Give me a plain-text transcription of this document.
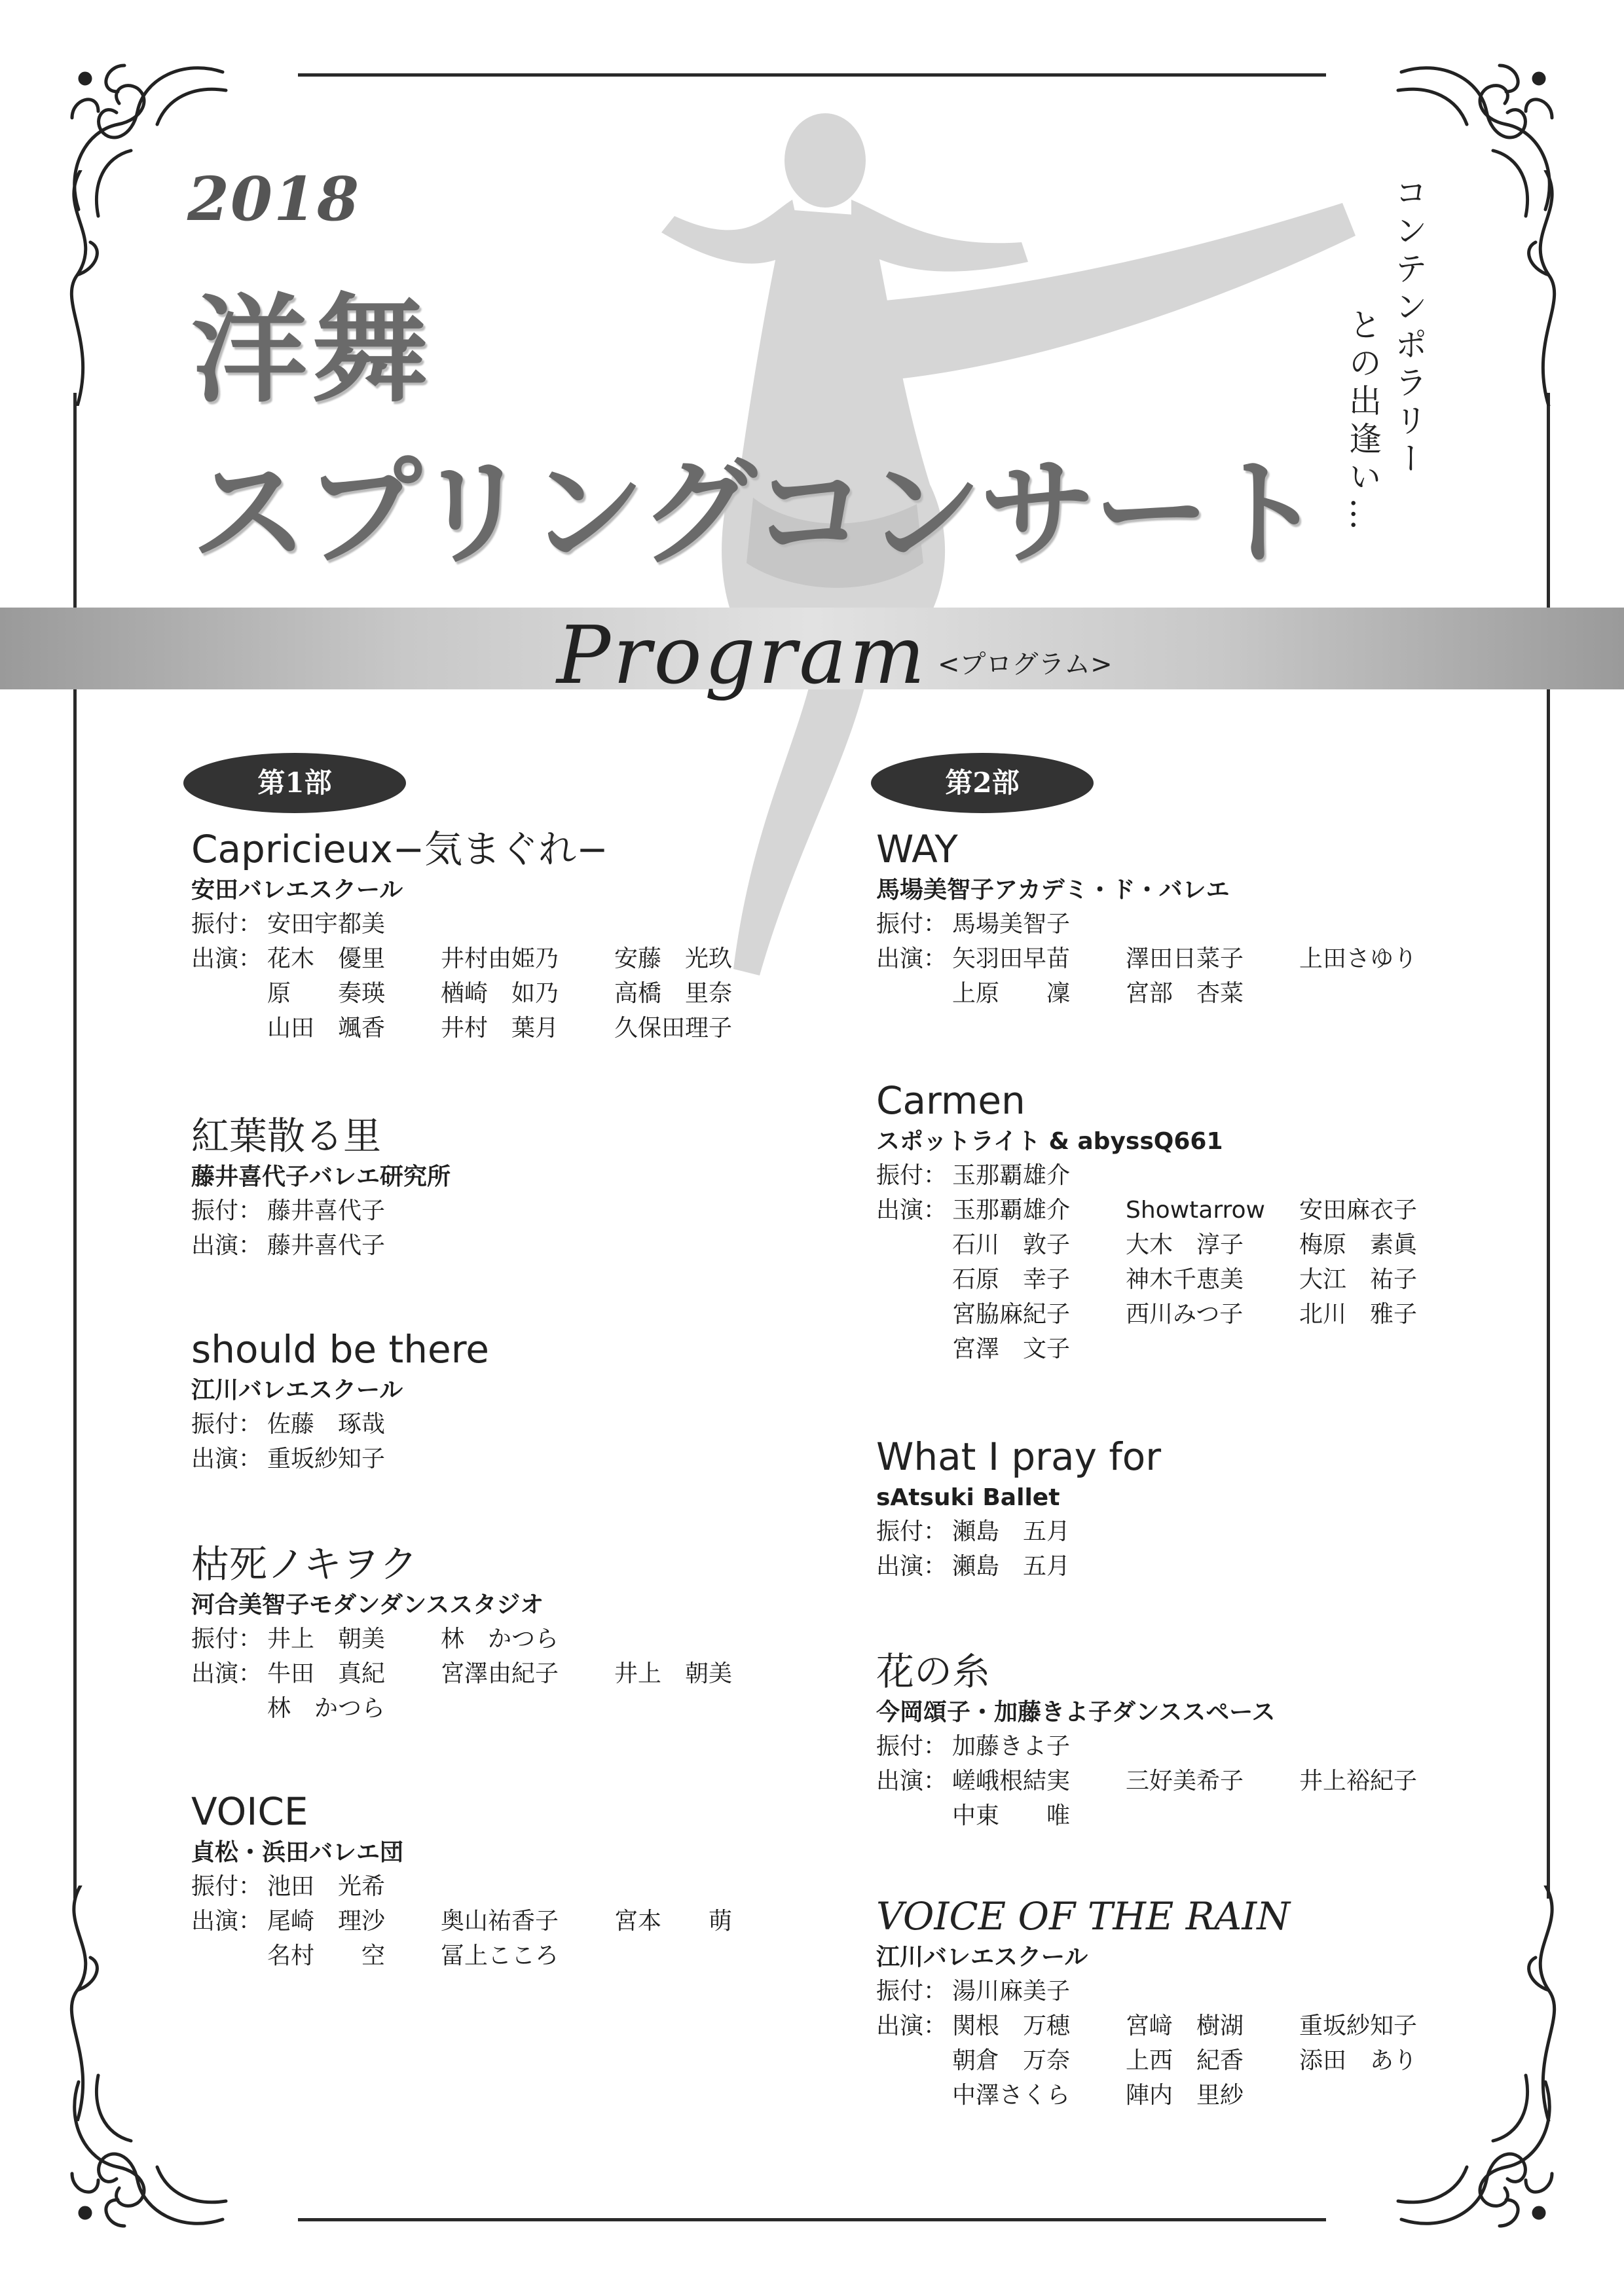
2018
洋舞
スプリングコンサート
コンテンポラリー
との出逢い…
Program <プログラム>
第1部	第2部
Capricieux−気まぐれ−
安田バレエスクール
振付： 安田宇都美
出演： 花木　優里	井村由姫乃	安藤　光玖
原　　奏瑛	楢崎　如乃	高橋　里奈
山田　颯香	井村　葉月	久保田理子
紅葉散る里
藤井喜代子バレエ研究所
振付： 藤井喜代子
出演： 藤井喜代子
should be there
江川バレエスクール
振付： 佐藤　琢哉
出演： 重坂紗知子
枯死ノキヲク
河合美智子モダンダンススタジオ
振付： 井上　朝美	林　かつら
出演： 牛田　真紀	宮澤由紀子	井上　朝美
林　かつら
VOICE
貞松・浜田バレエ団
振付： 池田　光希
出演： 尾崎　理沙	奥山祐香子	宮本　　萌
名村　　空	冨上こころ
WAY
馬場美智子アカデミ・ド・バレエ
振付： 馬場美智子
出演： 矢羽田早苗	澤田日菜子	上田さゆり
上原　　凜	宮部　杏菜
Carmen
スポットライト & abyssQ661
振付： 玉那覇雄介
出演： 玉那覇雄介	Showtarrow	安田麻衣子
石川　敦子	大木　淳子	梅原　素眞
石原　幸子	神木千恵美	大江　祐子
宮脇麻紀子	西川みつ子	北川　雅子
宮澤　文子
What I pray for
sAtsuki Ballet
振付： 瀬島　五月
出演： 瀬島　五月
花の糸
今岡頌子・加藤きよ子ダンススペース
振付： 加藤きよ子
出演： 嵯峨根結実	三好美希子	井上裕紀子
中東　　唯
VOICE OF THE RAIN
江川バレエスクール
振付： 湯川麻美子
出演： 関根　万穂	宮﨑　樹湖	重坂紗知子
朝倉　万奈	上西　紀香	添田　あり
中澤さくら	陣内　里紗
